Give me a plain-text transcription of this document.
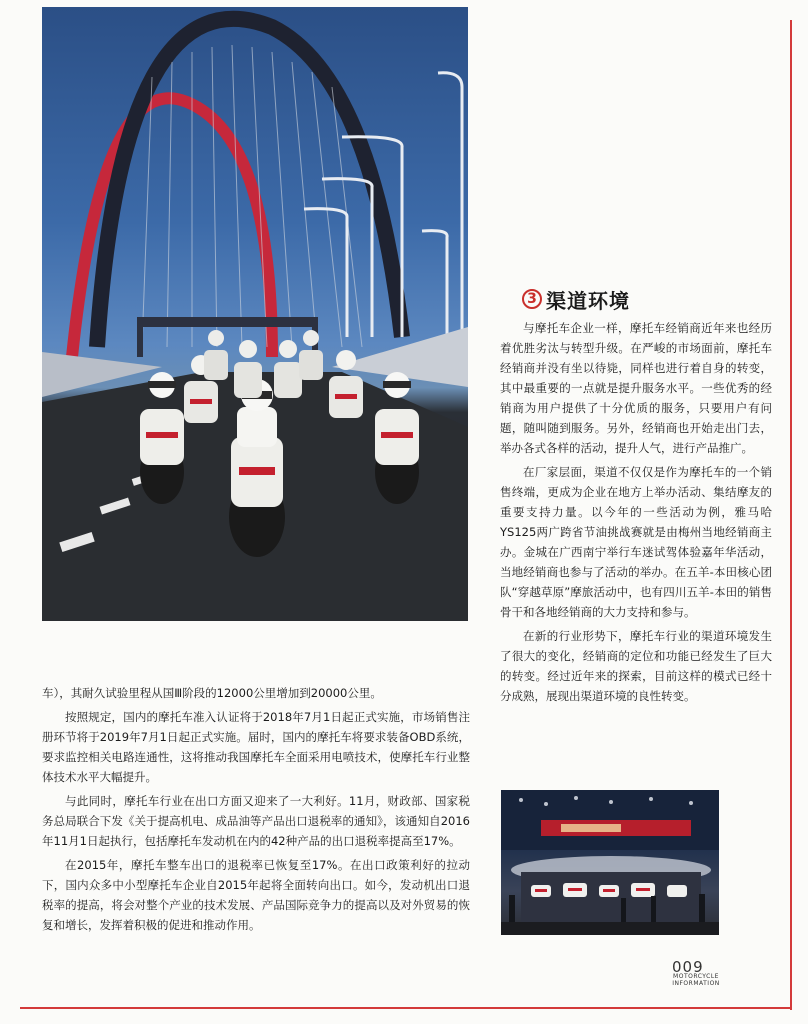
3 渠道环境

与摩托车企业一样，摩托车经销商近年来也经历着优胜劣汰与转型升级。在严峻的市场面前，摩托车经销商并没有坐以待毙，同样也进行着自身的转变，其中最重要的一点就是提升服务水平。一些优秀的经销商为用户提供了十分优质的服务，只要用户有问题，随叫随到服务。另外，经销商也开始走出门去，举办各式各样的活动，提升人气，进行产品推广。

在厂家层面，渠道不仅仅是作为摩托车的一个销售终端，更成为企业在地方上举办活动、集结摩友的重要支持力量。以今年的一些活动为例，雅马哈YS125两广跨省节油挑战赛就是由梅州当地经销商主办。金城在广西南宁举行车迷试驾体验嘉年华活动，当地经销商也参与了活动的举办。在五羊-本田核心团队“穿越草原”摩旅活动中，也有四川五羊-本田的销售骨干和各地经销商的大力支持和参与。

在新的行业形势下，摩托车行业的渠道环境发生了很大的变化，经销商的定位和功能已经发生了巨大的转变。经过近年来的探索，目前这样的模式已经十分成熟，展现出渠道环境的良性转变。

车），其耐久试验里程从国Ⅲ阶段的12000公里增加到20000公里。

按照规定，国内的摩托车准入认证将于2018年7月1日起正式实施，市场销售注册环节将于2019年7月1日起正式实施。届时，国内的摩托车将要求装备OBD系统，要求监控相关电路连通性，这将推动我国摩托车全面采用电喷技术，使摩托车行业整体技术水平大幅提升。

与此同时，摩托车行业在出口方面又迎来了一大利好。11月，财政部、国家税务总局联合下发《关于提高机电、成品油等产品出口退税率的通知》，该通知自2016年11月1日起执行，包括摩托车发动机在内的42种产品的出口退税率提高至17%。

在2015年，摩托车整车出口的退税率已恢复至17%。在出口政策利好的拉动下，国内众多中小型摩托车企业自2015年起将全面转向出口。如今，发动机出口退税率的提高，将会对整个产业的技术发展、产品国际竞争力的提高以及对外贸易的恢复和增长，发挥着积极的促进和推动作用。

009
MOTORCYCLE
INFORMATION
